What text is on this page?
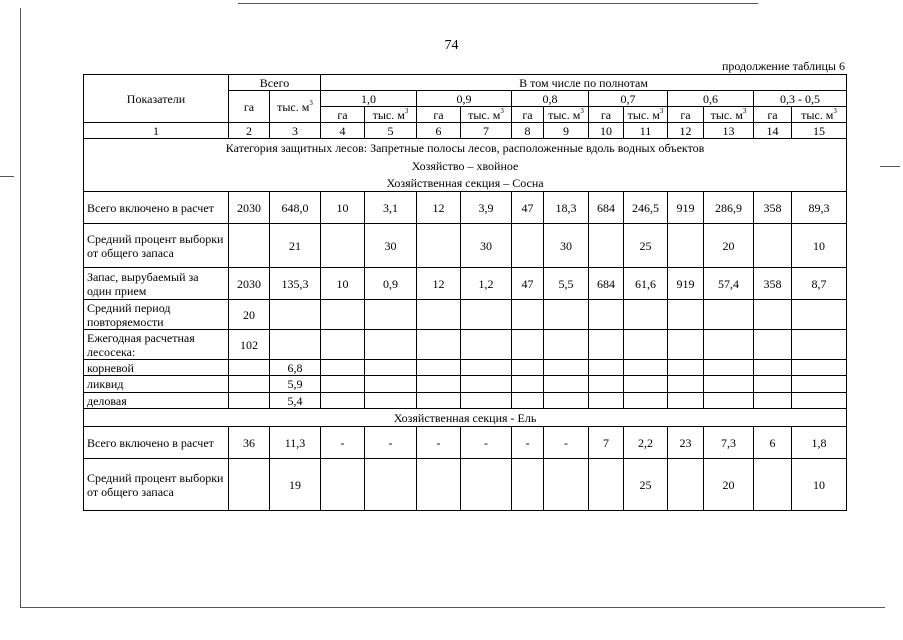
74
продолжение таблицы 6
Показатели	Всего		В том числе по полнотам											
	га	тыс. $м^3$	1,0		0,9		0,8		0,7		0,6		0,3 - 0,5	
			га	тыс. $м^3$	га	тыс. $м^3$	га	тыс. $м^3$	га	тыс. $м^3$	га	тыс. $м^3$	га	тыс. $м^3$
1	2	3	4	5	6	7	8	9	10	11	12	13	14	15
Категория защитных лесов: Запретные полосы лесов, расположенные вдоль водных объектов														
Хозяйство – хвойное														
Хозяйственная секция – Сосна														
Всего включено в расчет	2030	648,0	10	3,1	12	3,9	47	18,3	684	246,5	919	286,9	358	89,3
Средний процент выборки от общего запаса		21		30		30		30		25		20		10
Запас, вырубаемый за один прием	2030	135,3	10	0,9	12	1,2	47	5,5	684	61,6	919	57,4	358	8,7
Средний период повторяемости	20													
Ежегодная расчетная лесосека:	102													
корневой		6,8												
ликвид		5,9												
деловая		5,4												
Хозяйственная секция - Ель														
Всего включено в расчет	36	11,3	-	-	-	-	-	-	7	2,2	23	7,3	6	1,8
Средний процент выборки от общего запаса		19								25		20		10
